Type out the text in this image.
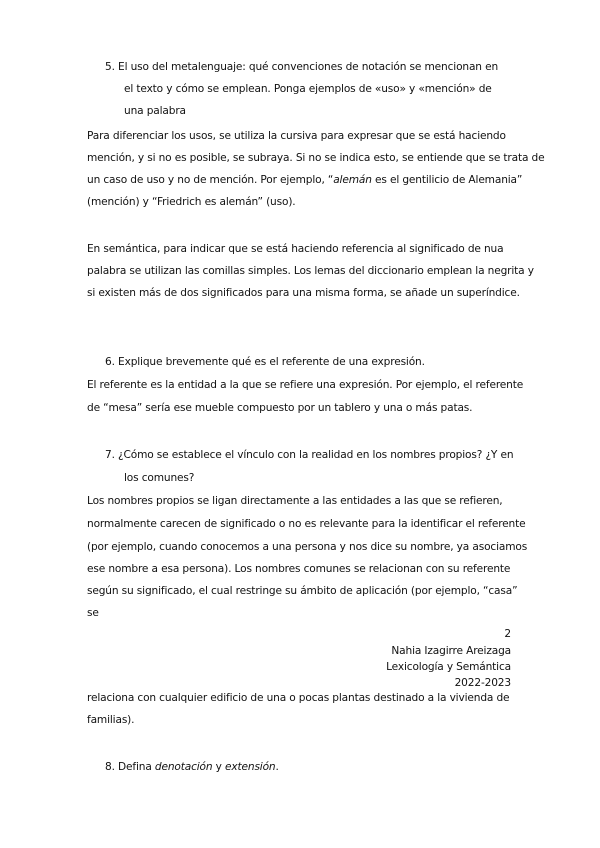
5. El uso del metalenguaje: qué convenciones de notación se mencionan en
el texto y cómo se emplean. Ponga ejemplos de «uso» y «mención» de
una palabra
Para diferenciar los usos, se utiliza la cursiva para expresar que se está haciendo
mención, y si no es posible, se subraya. Si no se indica esto, se entiende que se trata de
un caso de uso y no de mención. Por ejemplo, “alemán es el gentilicio de Alemania”
(mención) y “Friedrich es alemán” (uso).
En semántica, para indicar que se está haciendo referencia al significado de nua
palabra se utilizan las comillas simples. Los lemas del diccionario emplean la negrita y
si existen más de dos significados para una misma forma, se añade un superíndice.
6. Explique brevemente qué es el referente de una expresión.
El referente es la entidad a la que se refiere una expresión. Por ejemplo, el referente
de “mesa” sería ese mueble compuesto por un tablero y una o más patas.
7. ¿Cómo se establece el vínculo con la realidad en los nombres propios? ¿Y en
los comunes?
Los nombres propios se ligan directamente a las entidades a las que se refieren,
normalmente carecen de significado o no es relevante para la identificar el referente
(por ejemplo, cuando conocemos a una persona y nos dice su nombre, ya asociamos
ese nombre a esa persona). Los nombres comunes se relacionan con su referente
según su significado, el cual restringe su ámbito de aplicación (por ejemplo, “casa”
se
2
Nahia Izagirre Areizaga
Lexicología y Semántica
2022-2023
relaciona con cualquier edificio de una o pocas plantas destinado a la vivienda de
familias).
8. Defina denotación y extensión.
